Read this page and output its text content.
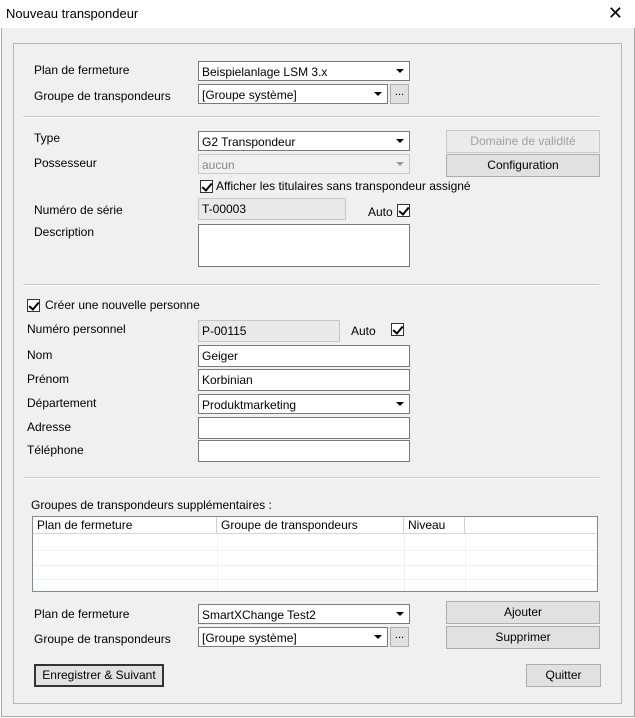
Nouveau transpondeur	✕
Plan de fermeture	Beispielanlage LSM 3.x
Groupe de transpondeurs	[Groupe système]	...
Type	G2 Transpondeur	Domaine de validité
Possesseur	aucun	Configuration
Afficher les titulaires sans transpondeur assigné
Numéro de série	T-00003	Auto
Description
Créer une nouvelle personne
Numéro personnel	P-00115	Auto
Nom	Geiger
Prénom	Korbinian
Département	Produktmarketing
Adresse
Téléphone
Groupes de transpondeurs supplémentaires :
Plan de fermeture	Groupe de transpondeurs	Niveau
Plan de fermeture	SmartXChange Test2	Ajouter
Groupe de transpondeurs	[Groupe système]	...	Supprimer
Enregistrer & Suivant	Quitter
